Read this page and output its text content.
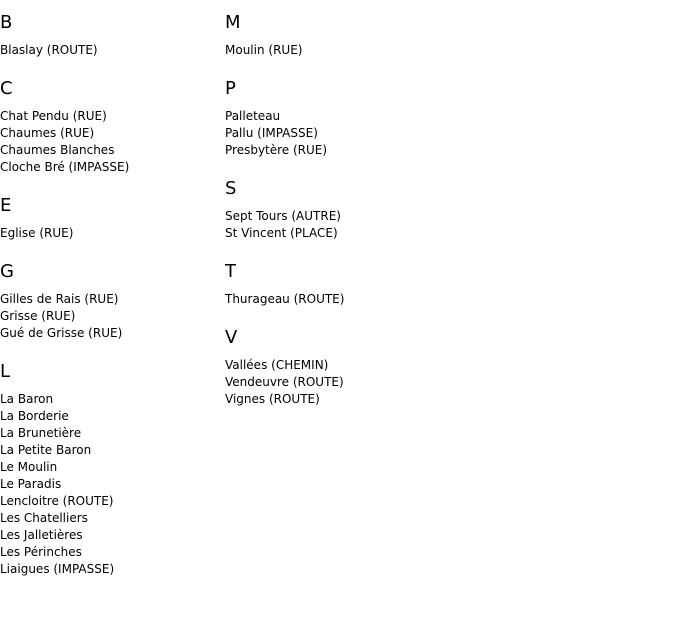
B
Blaslay (ROUTE)
C
Chat Pendu (RUE)
Chaumes (RUE)
Chaumes Blanches
Cloche Bré (IMPASSE)
E
Eglise (RUE)
G
Gilles de Rais (RUE)
Grisse (RUE)
Gué de Grisse (RUE)
L
La Baron
La Borderie
La Brunetière
La Petite Baron
Le Moulin
Le Paradis
Lencloitre (ROUTE)
Les Chatelliers
Les Jalletières
Les Périnches
Liaigues (IMPASSE)
M
Moulin (RUE)
P
Palleteau
Pallu (IMPASSE)
Presbytère (RUE)
S
Sept Tours (AUTRE)
St Vincent (PLACE)
T
Thurageau (ROUTE)
V
Vallées (CHEMIN)
Vendeuvre (ROUTE)
Vignes (ROUTE)
